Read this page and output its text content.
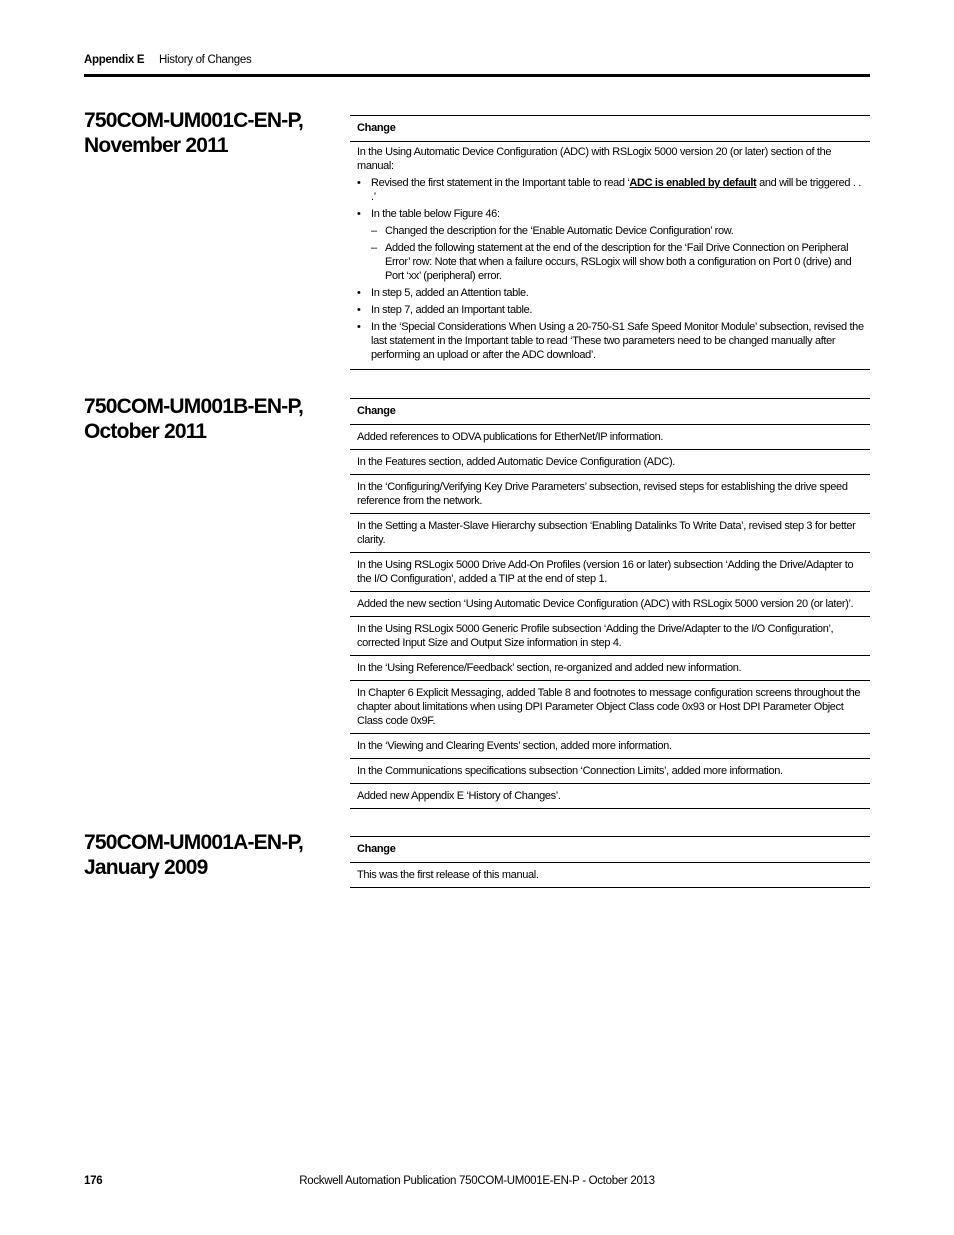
Appendix E History of Changes
750COM-UM001C-EN-P,
November 2011
Change
In the Using Automatic Device Configuration (ADC) with RSLogix 5000 version 20 (or later) section of the manual:
• Revised the first statement in the Important table to read ‘ADC is enabled by default and will be triggered . . .’
• In the table below Figure 46:
– Changed the description for the ‘Enable Automatic Device Configuration’ row.
– Added the following statement at the end of the description for the ‘Fail Drive Connection on Peripheral Error’ row: Note that when a failure occurs, RSLogix will show both a configuration on Port 0 (drive) and Port ‘xx’ (peripheral) error.
• In step 5, added an Attention table.
• In step 7, added an Important table.
• In the ‘Special Considerations When Using a 20-750-S1 Safe Speed Monitor Module’ subsection, revised the last statement in the Important table to read ‘These two parameters need to be changed manually after performing an upload or after the ADC download’.
750COM-UM001B-EN-P,
October 2011
Change
Added references to ODVA publications for EtherNet/IP information.
In the Features section, added Automatic Device Configuration (ADC).
In the ‘Configuring/Verifying Key Drive Parameters’ subsection, revised steps for establishing the drive speed reference from the network.
In the Setting a Master-Slave Hierarchy subsection ‘Enabling Datalinks To Write Data’, revised step 3 for better clarity.
In the Using RSLogix 5000 Drive Add-On Profiles (version 16 or later) subsection ‘Adding the Drive/Adapter to the I/O Configuration’, added a TIP at the end of step 1.
Added the new section ‘Using Automatic Device Configuration (ADC) with RSLogix 5000 version 20 (or later)’.
In the Using RSLogix 5000 Generic Profile subsection ‘Adding the Drive/Adapter to the I/O Configuration’, corrected Input Size and Output Size information in step 4.
In the ‘Using Reference/Feedback’ section, re-organized and added new information.
In Chapter 6 Explicit Messaging, added Table 8 and footnotes to message configuration screens throughout the chapter about limitations when using DPI Parameter Object Class code 0x93 or Host DPI Parameter Object Class code 0x9F.
In the ‘Viewing and Clearing Events’ section, added more information.
In the Communications specifications subsection ‘Connection Limits’, added more information.
Added new Appendix E ‘History of Changes’.
750COM-UM001A-EN-P,
January 2009
Change
This was the first release of this manual.
176	Rockwell Automation Publication 750COM-UM001E-EN-P - October 2013
